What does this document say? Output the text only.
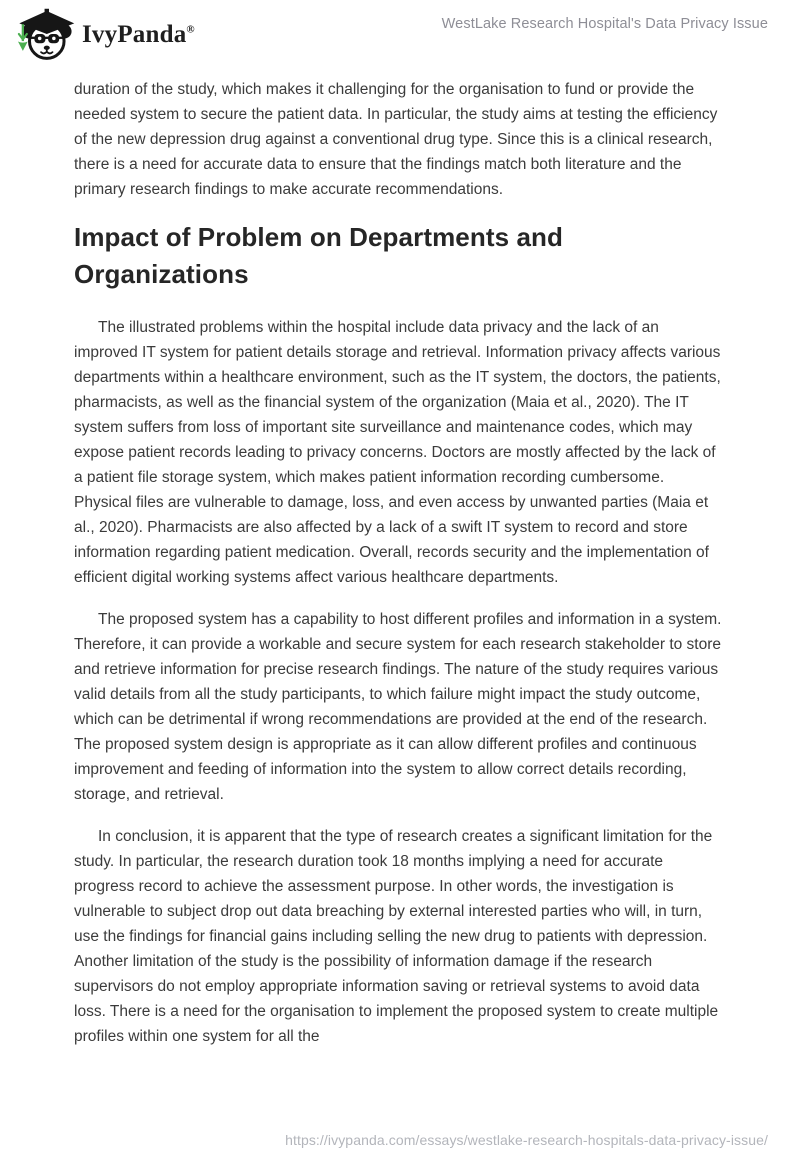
IvyPanda®	WestLake Research Hospital's Data Privacy Issue

duration of the study, which makes it challenging for the organisation to fund or provide the needed system to secure the patient data. In particular, the study aims at testing the efficiency of the new depression drug against a conventional drug type. Since this is a clinical research, there is a need for accurate data to ensure that the findings match both literature and the primary research findings to make accurate recommendations.

Impact of Problem on Departments and Organizations

The illustrated problems within the hospital include data privacy and the lack of an improved IT system for patient details storage and retrieval. Information privacy affects various departments within a healthcare environment, such as the IT system, the doctors, the patients, pharmacists, as well as the financial system of the organization (Maia et al., 2020). The IT system suffers from loss of important site surveillance and maintenance codes, which may expose patient records leading to privacy concerns. Doctors are mostly affected by the lack of a patient file storage system, which makes patient information recording cumbersome. Physical files are vulnerable to damage, loss, and even access by unwanted parties (Maia et al., 2020). Pharmacists are also affected by a lack of a swift IT system to record and store information regarding patient medication. Overall, records security and the implementation of efficient digital working systems affect various healthcare departments.

The proposed system has a capability to host different profiles and information in a system. Therefore, it can provide a workable and secure system for each research stakeholder to store and retrieve information for precise research findings. The nature of the study requires various valid details from all the study participants, to which failure might impact the study outcome, which can be detrimental if wrong recommendations are provided at the end of the research. The proposed system design is appropriate as it can allow different profiles and continuous improvement and feeding of information into the system to allow correct details recording, storage, and retrieval.

In conclusion, it is apparent that the type of research creates a significant limitation for the study. In particular, the research duration took 18 months implying a need for accurate progress record to achieve the assessment purpose. In other words, the investigation is vulnerable to subject drop out data breaching by external interested parties who will, in turn, use the findings for financial gains including selling the new drug to patients with depression. Another limitation of the study is the possibility of information damage if the research supervisors do not employ appropriate information saving or retrieval systems to avoid data loss. There is a need for the organisation to implement the proposed system to create multiple profiles within one system for all the

https://ivypanda.com/essays/westlake-research-hospitals-data-privacy-issue/
